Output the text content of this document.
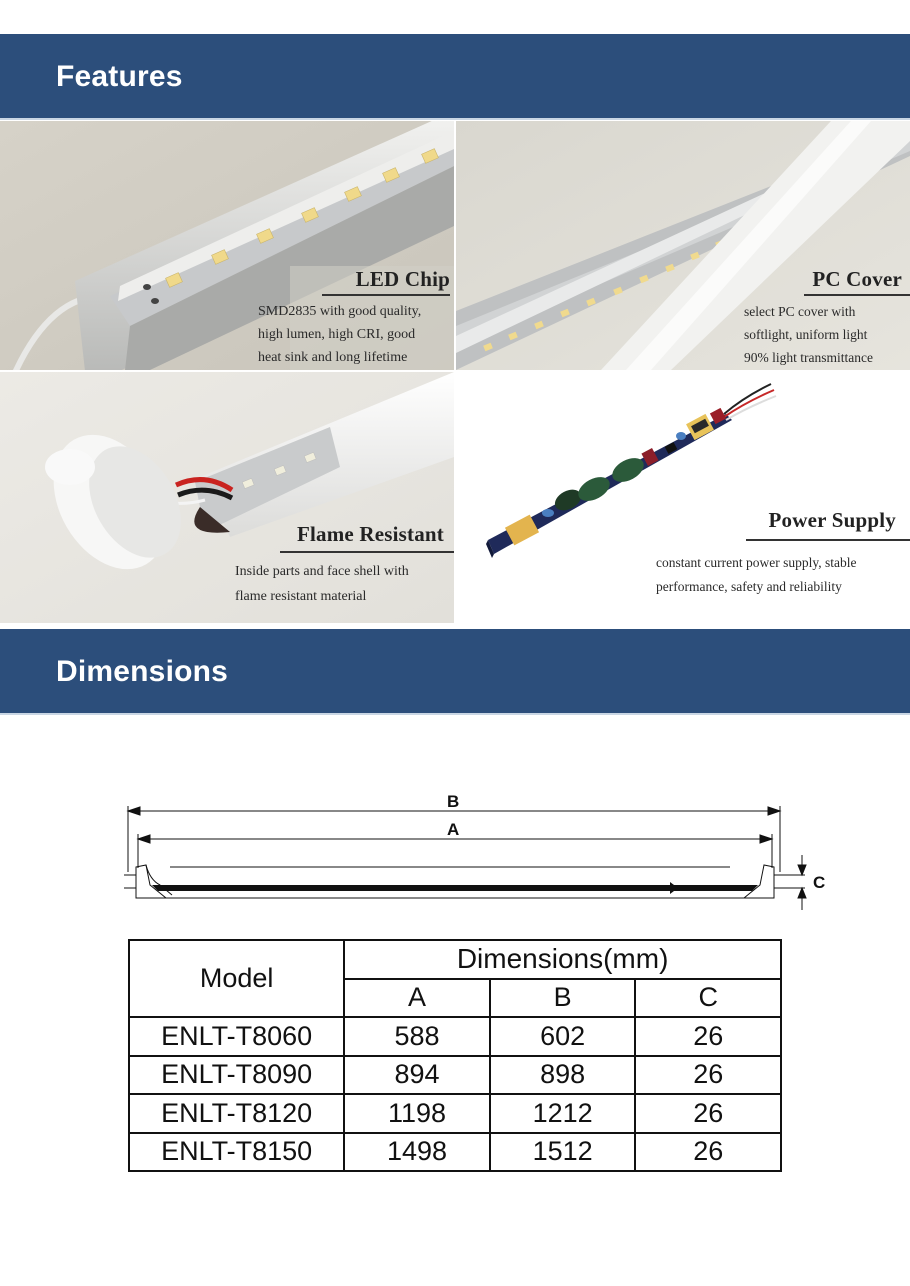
Features
LED Chip
SMD2835 with good quality,
high lumen, high CRI, good
heat sink and long lifetime
PC Cover
select PC cover with
softlight, uniform light
90% light transmittance
Flame Resistant
Inside parts and face shell with
flame resistant material
Power Supply
constant current power supply, stable
performance, safety and reliability
Dimensions
B
A
C
Model	Dimensions(mm)		
	A	B	C
ENLT-T8060	588	602	26
ENLT-T8090	894	898	26
ENLT-T8120	1198	1212	26
ENLT-T8150	1498	1512	26
